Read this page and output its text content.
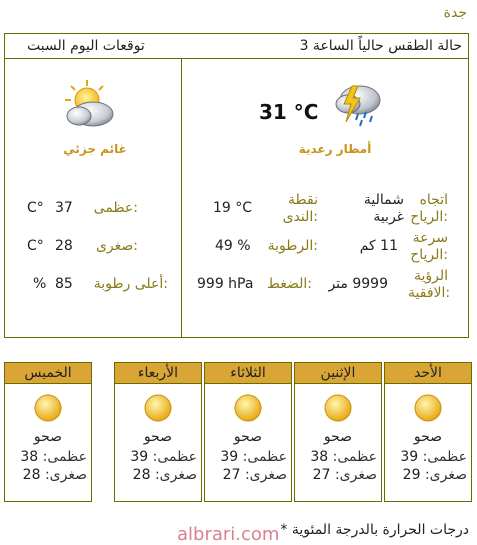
جدة
حالة الطقس حالياً الساعة 3
توقعات اليوم السبت
31 °C
أمطار رعدية
اتجاه الرياح:
شمالية غربية
نقطة الندى:
19 °C
سرعة الرياح:
11 كم
الرطوبة:
49 %
الرؤية الافقية:
9999 متر
الضغط:
999 hPa
غائم جزئي
عظمى:
C° 37
صغرى:
C° 28
أعلى رطوبة:
% 85
الأحد
صحو
عظمى: 39
صغرى: 29
الإثنين
صحو
عظمى: 38
صغرى: 27
الثلاثاء
صحو
عظمى: 39
صغرى: 27
الأربعاء
صحو
عظمى: 39
صغرى: 28
الخميس
صحو
عظمى: 38
صغرى: 28
* درجات الحرارة بالدرجة المئوية
albrari.com
